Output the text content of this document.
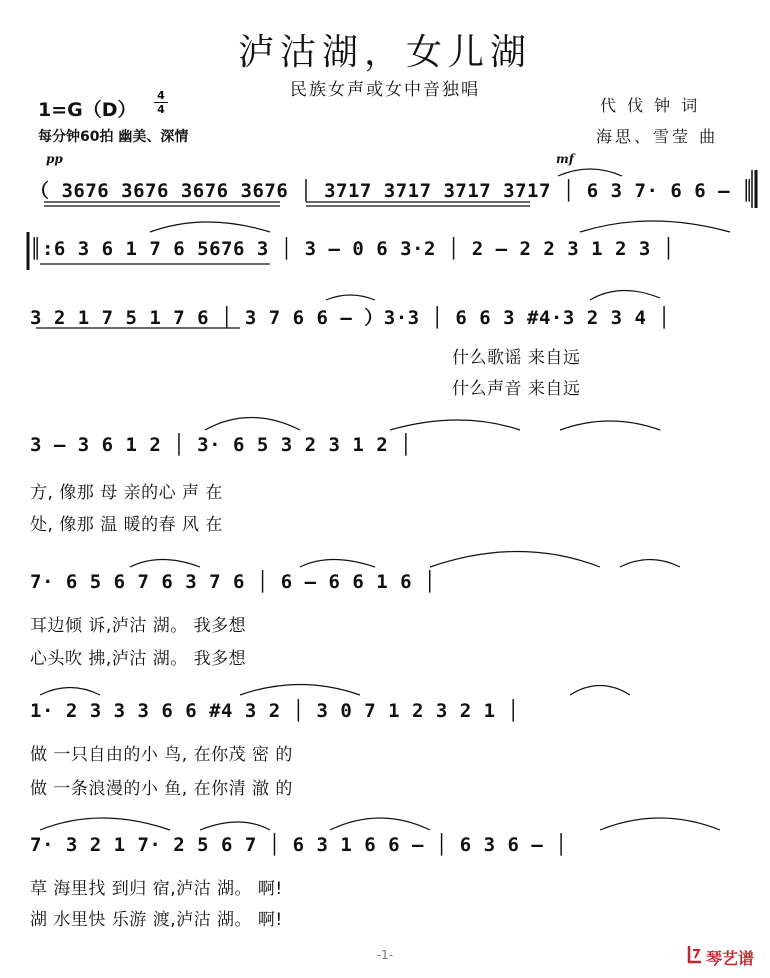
泸沽湖，女儿湖
民族女声或女中音独唱
1=G（D）
4
4
每分钟60拍 幽美、深情
代 伐 钟 词
海思、雪莹 曲
pp	mf
（ 3676 3676 3676 3676 │ 3717 3717 3717 3717 │ 6 3 7· 6 6 – ║
║:6 3 6 1 7 6 5676 3 │ 3 – 0 6 3·2 │ 2 – 2 2 3 1 2 3 │
3 2 1 7 5 1 7 6 │ 3 7 6 6 – ）3·3 │ 6 6 3 #4·3 2 3 4 │
什么歌谣 来自远
什么声音 来自远
3 – 3 6 1 2 │ 3· 6 5 3 2 3 1 2 │
方, 像那 母 亲的心 声 在
处, 像那 温 暖的春 风 在
7· 6 5 6 7 6 3 7 6 │ 6 – 6 6 1 6 │
耳边倾 诉,泸沽 湖。 我多想
心头吹 拂,泸沽 湖。 我多想
1· 2 3 3 3 6 6 #4 3 2 │ 3 0 7 1 2 3 2 1 │
做 一只自由的小 鸟, 在你茂 密 的
做 一条浪漫的小 鱼, 在你清 澈 的
7· 3 2 1 7· 2 5 6 7 │ 6 3 1 6 6 – │ 6 3 6 – │
草 海里找 到归 宿,泸沽 湖。 啊!
湖 水里快 乐游 渡,泸沽 湖。 啊!
-1-	琴艺谱
